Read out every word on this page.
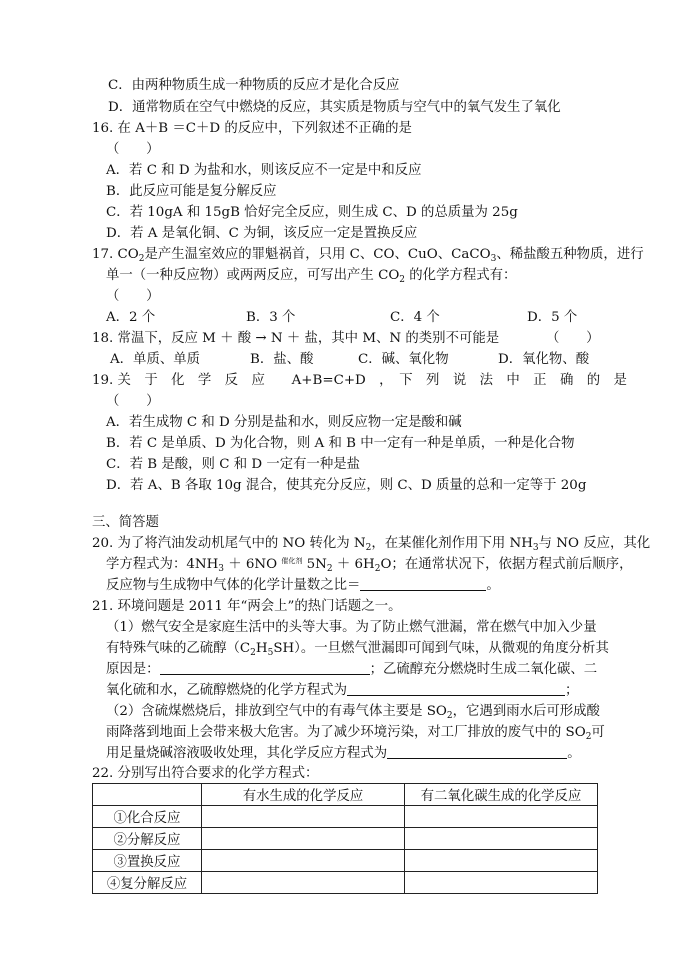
C．由两种物质生成一种物质的反应才是化合反应
D．通常物质在空气中燃烧的反应，其实质是物质与空气中的氧气发生了氧化
16. 在 A＋B ＝C＋D 的反应中，下列叙述不正确的是
（　　）
A．若 C 和 D 为盐和水，则该反应不一定是中和反应
B．此反应可能是复分解反应
C．若 10gA 和 15gB 恰好完全反应，则生成 C、D 的总质量为 25g
D．若 A 是氧化铜、C 为铜，该反应一定是置换反应
17. $CO_2$是产生温室效应的罪魁祸首，只用 C、CO、CuO、CaCO$_3$、稀盐酸五种物质，进行
单一（一种反应物）或两两反应，可写出产生 $CO_2$ 的化学方程式有：
（　　）
A．2 个	B．3 个	C．4 个	D．5 个
18. 常温下，反应 M ＋ 酸 → N ＋ 盐，其中 M、N 的类别不可能是	（　　）
A．单质、单质	B．盐、酸	C．碱、氧化物	D．氧化物、酸
19. 关　于　化　学　反　应　　A+B=C+D　，　下　列　说　法　中　正　确　的　是
（　　）
A．若生成物 C 和 D 分别是盐和水，则反应物一定是酸和碱
B．若 C 是单质、D 为化合物，则 A 和 B 中一定有一种是单质，一种是化合物
C．若 B 是酸，则 C 和 D 一定有一种是盐
D．若 A、B 各取 10g 混合，使其充分反应，则 C、D 质量的总和一定等于 20g
三、简答题
20. 为了将汽油发动机尾气中的 NO 转化为 $N_2$，在某催化剂作用下用 $NH_3$与 NO 反应，其化
学方程式为：$4NH_3 + 6NO$ $^{催化剂}$ $5N_2 + 6H_2O$；在通常状况下，依据方程式前后顺序，
反应物与生成物中气体的化学计量数之比＝	。
21. 环境问题是 2011 年“两会上”的热门话题之一。
（1）燃气安全是家庭生活中的头等大事。为了防止燃气泄漏，常在燃气中加入少量
有特殊气味的乙硫醇$(C_2H_5SH)$。一旦燃气泄漏即可闻到气味，从微观的角度分析其
原因是：	；乙硫醇充分燃烧时生成二氧化碳、二
氧化硫和水，乙硫醇燃烧的化学方程式为	；
（2）含硫煤燃烧后，排放到空气中的有毒气体主要是 $SO_2$，它遇到雨水后可形成酸
雨降落到地面上会带来极大危害。为了减少环境污染，对工厂排放的废气中的 $SO_2$可
用足量烧碱溶液吸收处理，其化学反应方程式为	。
22. 分别写出符合要求的化学方程式：
	有水生成的化学反应	有二氧化碳生成的化学反应
①化合反应		
②分解反应		
③置换反应		
④复分解反应		
